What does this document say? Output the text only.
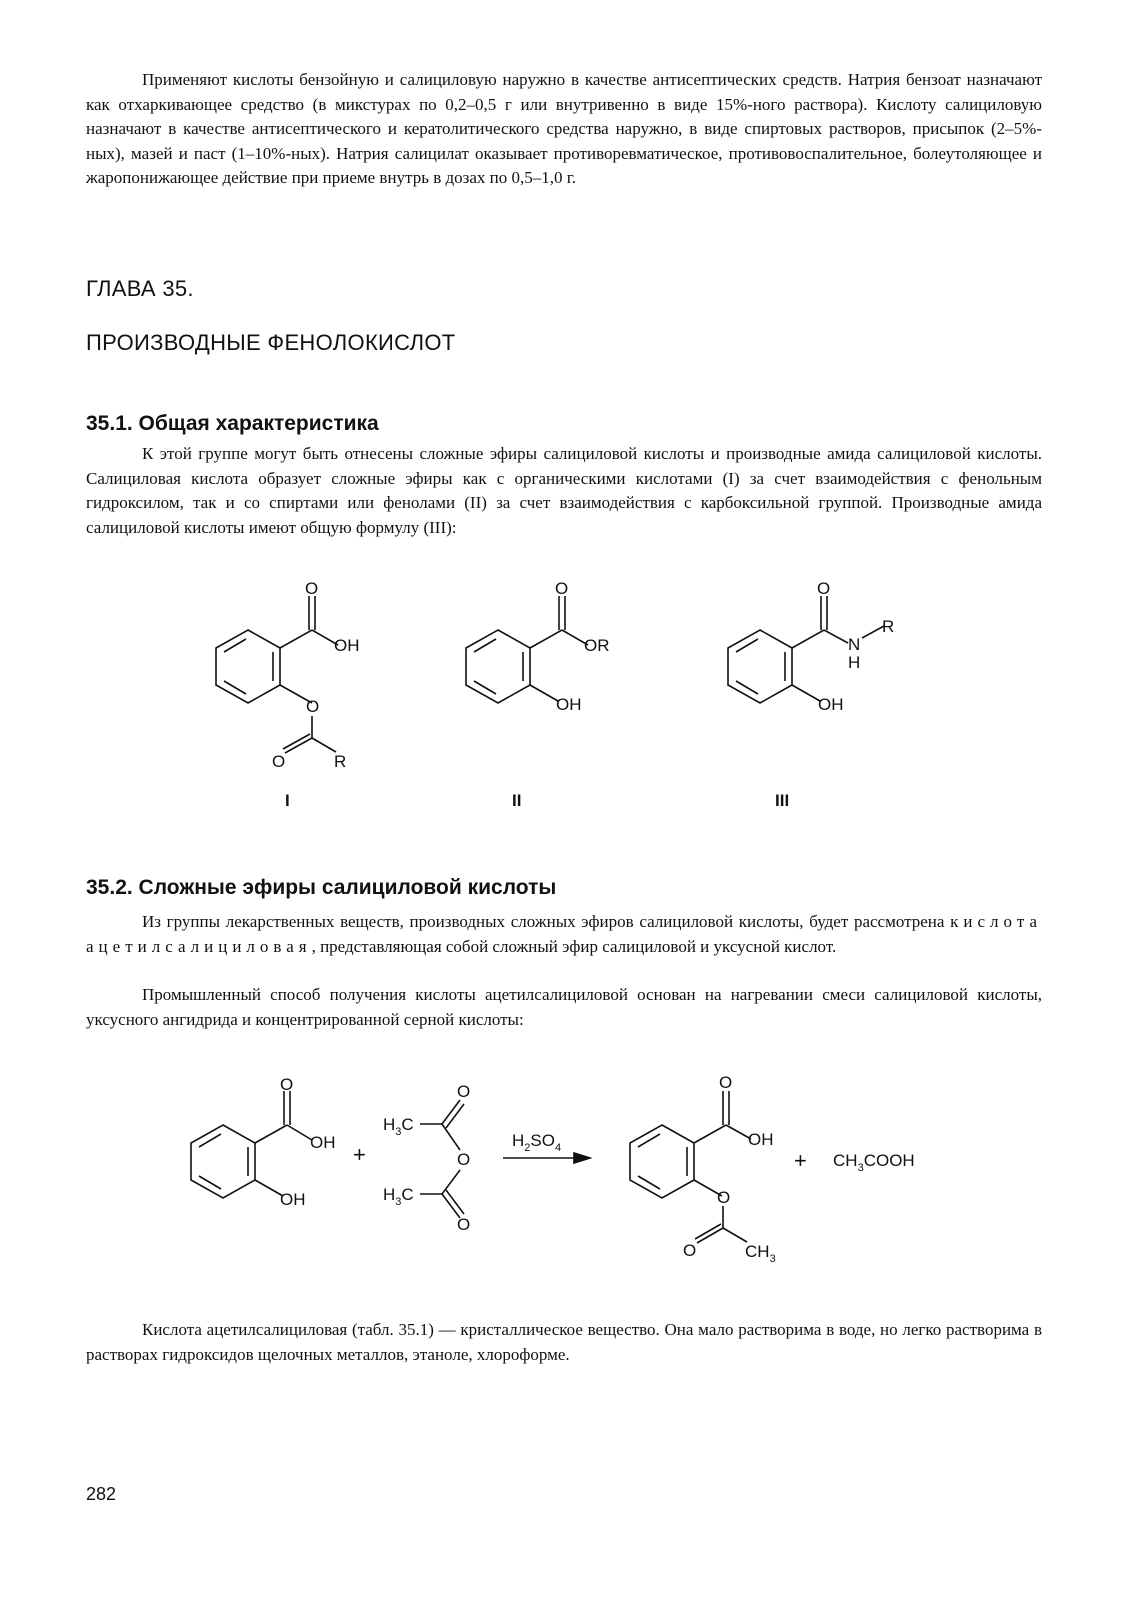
Применяют кислоты бензойную и салициловую наружно в качестве антисептических средств. Натрия бензоат назначают как отхаркивающее средство (в микстурах по 0,2–0,5 г или внутривенно в виде 15%-ного раствора). Кислоту салициловую назначают в качестве антисептического и кератолитического средства наружно, в виде спиртовых растворов, присыпок (2–5%-ных), мазей и паст (1–10%-ных). Натрия салицилат оказывает противоревматическое, противовоспалительное, болеутоляющее и жаропонижающее действие при приеме внутрь в дозах по 0,5–1,0 г.

ГЛАВА 35.
ПРОИЗВОДНЫЕ ФЕНОЛОКИСЛОТ
35.1. Общая характеристика

К этой группе могут быть отнесены сложные эфиры салициловой кислоты и производные амида салициловой кислоты. Салициловая кислота образует сложные эфиры как с органическими кислотами (I) за счет взаимодействия с фенольным гидроксилом, так и со спиртами или фенолами (II) за счет взаимодействия с карбоксильной группой. Производные амида салициловой кислоты имеют общую формулу (III):

O
OH
O
O	R
O
OR
OH
O
N
H
R
OH
I	II	III
35.2. Сложные эфиры салициловой кислоты

Из группы лекарственных веществ, производных сложных эфиров салициловой кислоты, будет рассмотрена кислота ацетилсалициловая, представляющая собой сложный эфир салициловой и уксусной кислот.

Промышленный способ получения кислоты ацетилсалициловой основан на нагревании смеси салициловой кислоты, уксусного ангидрида и концентрированной серной кислоты:

O
OH
OH
+
$H_3C$
O
O
$H_3C$
O
$H_2SO_4$
O
OH
O
O	$CH_3$
+ $CH_3COOH$

Кислота ацетилсалициловая (табл. 35.1) — кристаллическое вещество. Она мало растворима в воде, но легко растворима в растворах гидроксидов щелочных металлов, этаноле, хлороформе.

282
